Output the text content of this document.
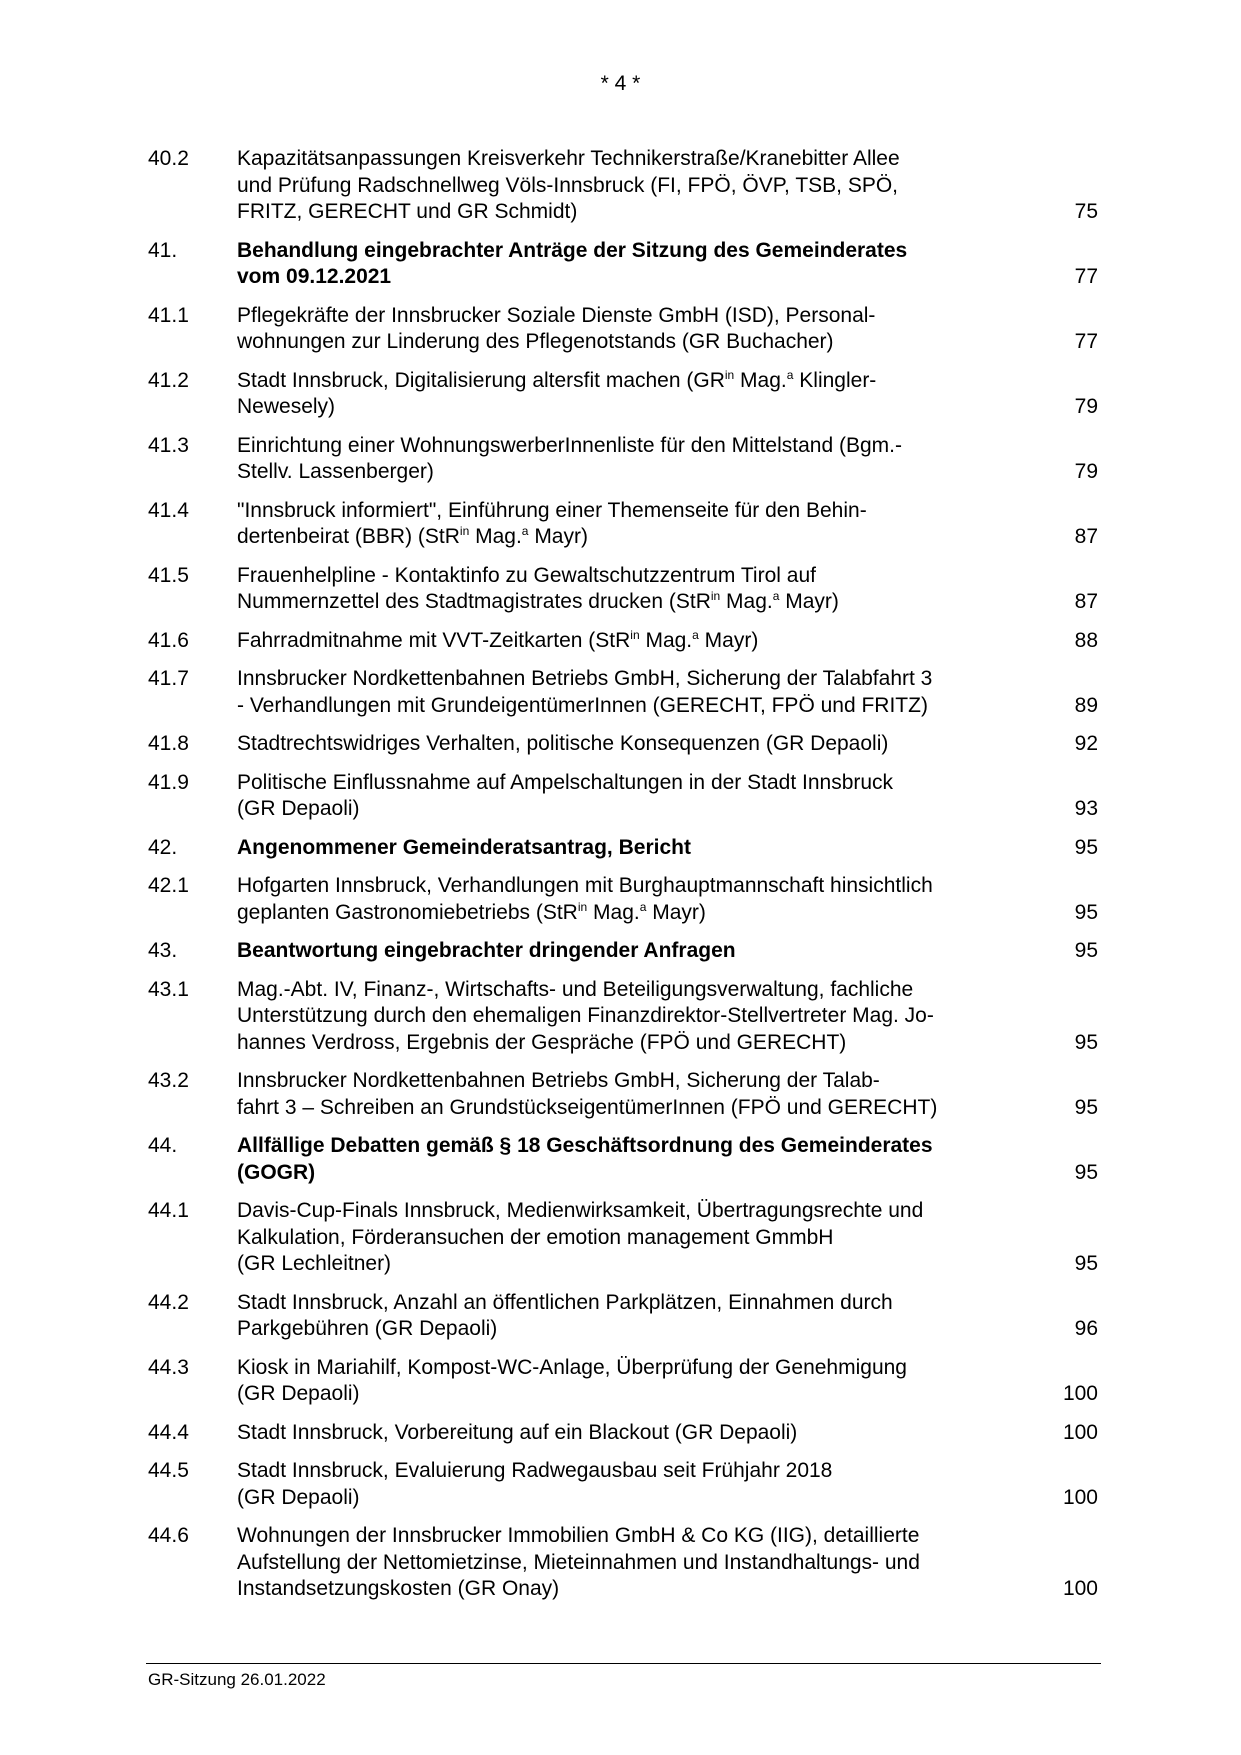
* 4 *
40.2	Kapazitätsanpassungen Kreisverkehr Technikerstraße/Kranebitter Allee
und Prüfung Radschnellweg Völs-Innsbruck (FI, FPÖ, ÖVP, TSB, SPÖ,
FRITZ, GERECHT und GR Schmidt)	75
41.	Behandlung eingebrachter Anträge der Sitzung des Gemeinderates
vom 09.12.2021	77
41.1	Pflegekräfte der Innsbrucker Soziale Dienste GmbH (ISD), Personal-
wohnungen zur Linderung des Pflegenotstands (GR Buchacher)	77
41.2	Stadt Innsbruck, Digitalisierung altersfit machen ($GR^{in}$ Mag.$^a$ Klingler-
Newesely)	79
41.3	Einrichtung einer WohnungswerberInnenliste für den Mittelstand (Bgm.-
Stellv. Lassenberger)	79
41.4	"Innsbruck informiert", Einführung einer Themenseite für den Behin-
dertenbeirat (BBR) (StR$^{in}$ Mag.$^a$ Mayr)	87
41.5	Frauenhelpline - Kontaktinfo zu Gewaltschutzzentrum Tirol auf
Nummernzettel des Stadtmagistrates drucken (StR$^{in}$ Mag.$^a$ Mayr)	87
41.6	Fahrradmitnahme mit VVT-Zeitkarten (StR$^{in}$ Mag.$^a$ Mayr)	88
41.7	Innsbrucker Nordkettenbahnen Betriebs GmbH, Sicherung der Talabfahrt 3
- Verhandlungen mit GrundeigentümerInnen (GERECHT, FPÖ und FRITZ)	89
41.8	Stadtrechtswidriges Verhalten, politische Konsequenzen (GR Depaoli)	92
41.9	Politische Einflussnahme auf Ampelschaltungen in der Stadt Innsbruck
(GR Depaoli)	93
42.	Angenommener Gemeinderatsantrag, Bericht	95
42.1	Hofgarten Innsbruck, Verhandlungen mit Burghauptmannschaft hinsichtlich
geplanten Gastronomiebetriebs (StR$^{in}$ Mag.$^a$ Mayr)	95
43.	Beantwortung eingebrachter dringender Anfragen	95
43.1	Mag.-Abt. IV, Finanz-, Wirtschafts- und Beteiligungsverwaltung, fachliche
Unterstützung durch den ehemaligen Finanzdirektor-Stellvertreter Mag. Jo-
hannes Verdross, Ergebnis der Gespräche (FPÖ und GERECHT)	95
43.2	Innsbrucker Nordkettenbahnen Betriebs GmbH, Sicherung der Talab-
fahrt 3 – Schreiben an GrundstückseigentümerInnen (FPÖ und GERECHT)	95
44.	Allfällige Debatten gemäß § 18 Geschäftsordnung des Gemeinderates
(GOGR)	95
44.1	Davis-Cup-Finals Innsbruck, Medienwirksamkeit, Übertragungsrechte und
Kalkulation, Förderansuchen der emotion management GmmbH
(GR Lechleitner)	95
44.2	Stadt Innsbruck, Anzahl an öffentlichen Parkplätzen, Einnahmen durch
Parkgebühren (GR Depaoli)	96
44.3	Kiosk in Mariahilf, Kompost-WC-Anlage, Überprüfung der Genehmigung
(GR Depaoli)	100
44.4	Stadt Innsbruck, Vorbereitung auf ein Blackout (GR Depaoli)	100
44.5	Stadt Innsbruck, Evaluierung Radwegausbau seit Frühjahr 2018
(GR Depaoli)	100
44.6	Wohnungen der Innsbrucker Immobilien GmbH & Co KG (IIG), detaillierte
Aufstellung der Nettomietzinse, Mieteinnahmen und Instandhaltungs- und
Instandsetzungskosten (GR Onay)	100
GR-Sitzung 26.01.2022
